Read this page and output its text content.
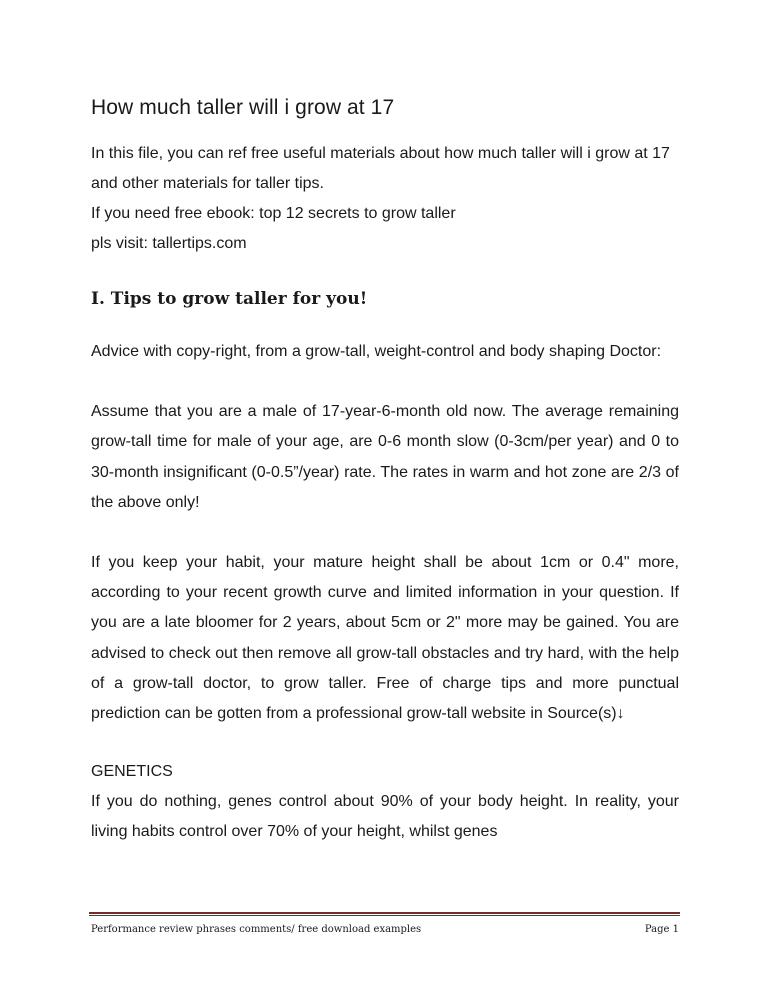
How much taller will i grow at 17

In this file, you can ref free useful materials about how much taller will i grow at 17 and other materials for taller tips.

If you need free ebook: top 12 secrets to grow taller

pls visit: tallertips.com

I. Tips to grow taller for you!

Advice with copy-right, from a grow-tall, weight-control and body shaping Doctor:

Assume that you are a male of 17-year-6-month old now. The average remaining grow-tall time for male of your age, are 0-6 month slow (0-3cm/per year) and 0 to 30-month insignificant (0-0.5”/year) rate. The rates in warm and hot zone are 2/3 of the above only!

If you keep your habit, your mature height shall be about 1cm or 0.4" more, according to your recent growth curve and limited information in your question. If you are a late bloomer for 2 years, about 5cm or 2" more may be gained. You are advised to check out then remove all grow-tall obstacles and try hard, with the help of a grow-tall doctor, to grow taller. Free of charge tips and more punctual prediction can be gotten from a professional grow-tall website in Source(s)↓

GENETICS

If you do nothing, genes control about 90% of your body height. In reality, your living habits control over 70% of your height, whilst genes

Performance review phrases comments/ free download examples	Page 1
